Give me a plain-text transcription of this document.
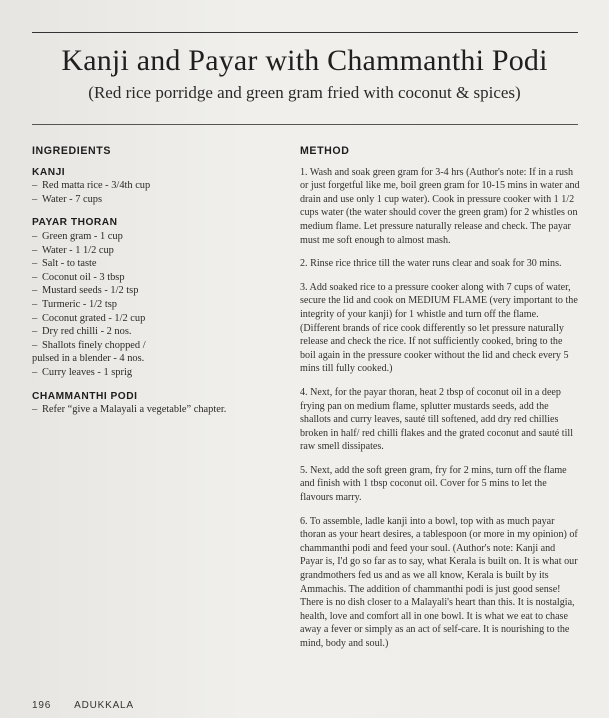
Kanji and Payar with Chammanthi Podi
(Red rice porridge and green gram fried with coconut & spices)
INGREDIENTS
KANJI
– Red matta rice - 3/4th cup
– Water - 7 cups
PAYAR THORAN
– Green gram - 1 cup
– Water - 1 1/2 cup
– Salt - to taste
– Coconut oil - 3 tbsp
– Mustard seeds - 1/2 tsp
– Turmeric - 1/2 tsp
– Coconut grated - 1/2 cup
– Dry red chilli - 2 nos.
– Shallots finely chopped /
pulsed in a blender - 4 nos.
– Curry leaves - 1 sprig
CHAMMANTHI PODI
– Refer “give a Malayali a vegetable” chapter.
METHOD

1. Wash and soak green gram for 3-4 hrs (Author's note: If in a rush or just forgetful like me, boil green gram for 10-15 mins in water and drain and use only 1 cup water). Cook in pressure cooker with 1 1/2 cups water (the water should cover the green gram) for 2 whistles on medium flame. Let pressure naturally release and check. The payar must me soft enough to almost mash.

2. Rinse rice thrice till the water runs clear and soak for 30 mins.

3. Add soaked rice to a pressure cooker along with 7 cups of water, secure the lid and cook on MEDIUM FLAME (very important to the integrity of your kanji) for 1 whistle and turn off the flame. (Different brands of rice cook differently so let pressure naturally release and check the rice. If not sufficiently cooked, bring to the boil again in the pressure cooker without the lid and check every 5 mins till fully cooked.)

4. Next, for the payar thoran, heat 2 tbsp of coconut oil in a deep frying pan on medium flame, splutter mustards seeds, add the shallots and curry leaves, sauté till softened, add dry red chillies broken in half/ red chilli flakes and the grated coconut and sauté till raw smell dissipates.

5. Next, add the soft green gram, fry for 2 mins, turn off the flame and finish with 1 tbsp coconut oil. Cover for 5 mins to let the flavours marry.

6. To assemble, ladle kanji into a bowl, top with as much payar thoran as your heart desires, a tablespoon (or more in my opinion) of chammanthi podi and feed your soul. (Author's note: Kanji and Payar is, I'd go so far as to say, what Kerala is built on. It is what our grandmothers fed us and as we all know, Kerala is built by its Ammachis. The addition of chammanthi podi is just good sense! There is no dish closer to a Malayali's heart than this. It is nostalgia, health, love and comfort all in one bowl. It is what we eat to chase away a fever or simply as an act of self-care. It is nourishing to the mind, body and soul.)

196 ADUKKALA
